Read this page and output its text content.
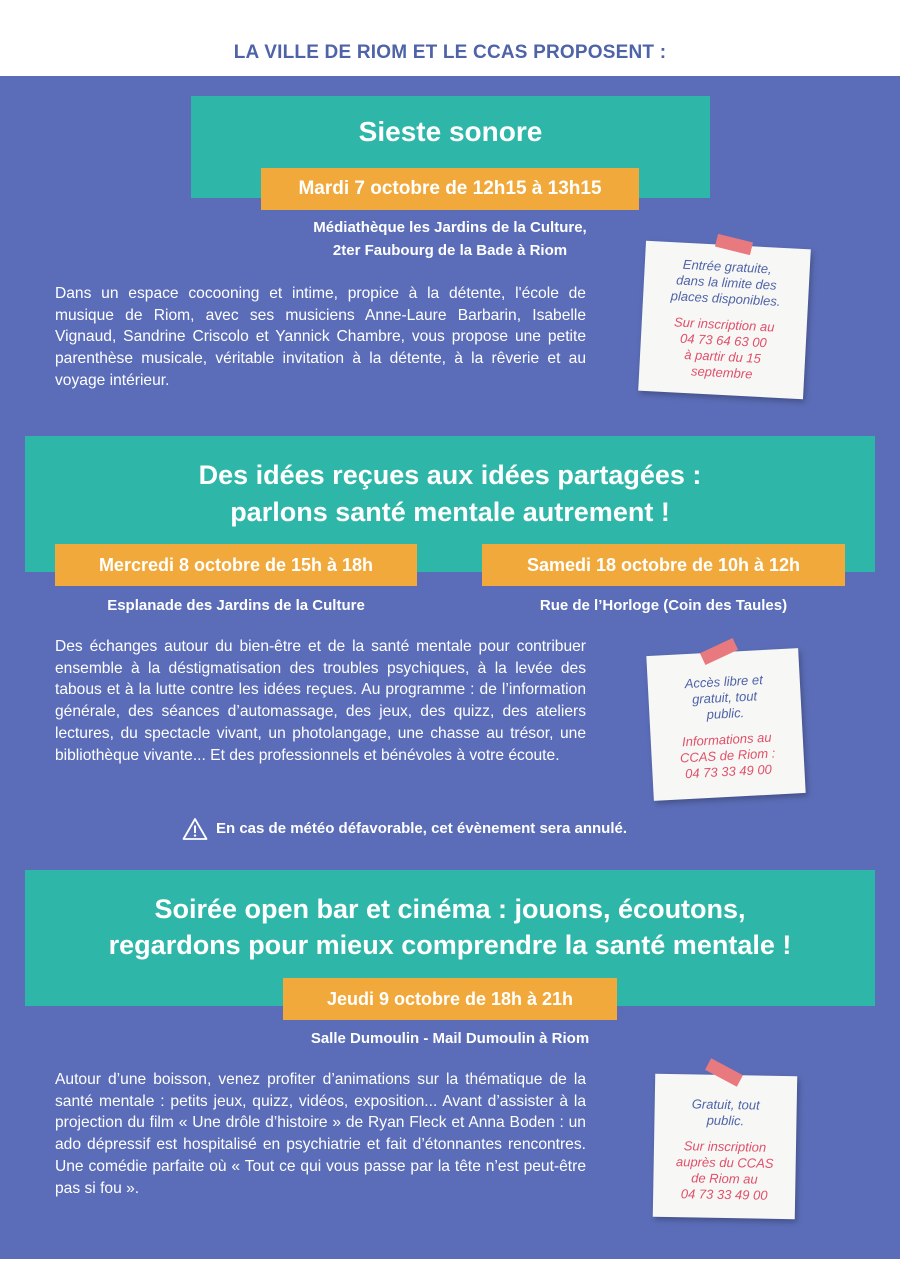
LA VILLE DE RIOM ET LE CCAS PROPOSENT :
Sieste sonore
Mardi 7 octobre de 12h15 à 13h15
Médiathèque les Jardins de la Culture,
2ter Faubourg de la Bade à Riom

Dans un espace cocooning et intime, propice à la détente, l'école de musique de Riom, avec ses musiciens Anne-Laure Barbarin, Isabelle Vignaud, Sandrine Criscolo et Yannick Chambre, vous propose une petite parenthèse musicale, véritable invitation à la détente, à la rêverie et au voyage intérieur.

Entrée gratuite,
dans la limite des
places disponibles.
Sur inscription au
04 73 64 63 00
à partir du 15
septembre
Des idées reçues aux idées partagées :
parlons santé mentale autrement !
Mercredi 8 octobre de 15h à 18h	Samedi 18 octobre de 10h à 12h
Esplanade des Jardins de la Culture	Rue de l’Horloge (Coin des Taules)

Des échanges autour du bien-être et de la santé mentale pour contribuer ensemble à la déstigmatisation des troubles psychiques, à la levée des tabous et à la lutte contre les idées reçues. Au programme : de l’information générale, des séances d’automassage, des jeux, des quizz, des ateliers lectures, du spectacle vivant, un photolangage, une chasse au trésor, une bibliothèque vivante... Et des professionnels et bénévoles à votre écoute.

Accès libre et
gratuit, tout
public.
Informations au
CCAS de Riom :
04 73 33 49 00
En cas de météo défavorable, cet évènement sera annulé.
Soirée open bar et cinéma : jouons, écoutons,
regardons pour mieux comprendre la santé mentale !
Jeudi 9 octobre de 18h à 21h
Salle Dumoulin - Mail Dumoulin à Riom

Autour d’une boisson, venez profiter d’animations sur la thématique de la santé mentale : petits jeux, quizz, vidéos, exposition... Avant d’assister à la projection du film « Une drôle d’histoire » de Ryan Fleck et Anna Boden : un ado dépressif est hospitalisé en psychiatrie et fait d’étonnantes rencontres. Une comédie parfaite où « Tout ce qui vous passe par la tête n’est peut-être pas si fou ».

Gratuit, tout
public.
Sur inscription
auprès du CCAS
de Riom au
04 73 33 49 00
